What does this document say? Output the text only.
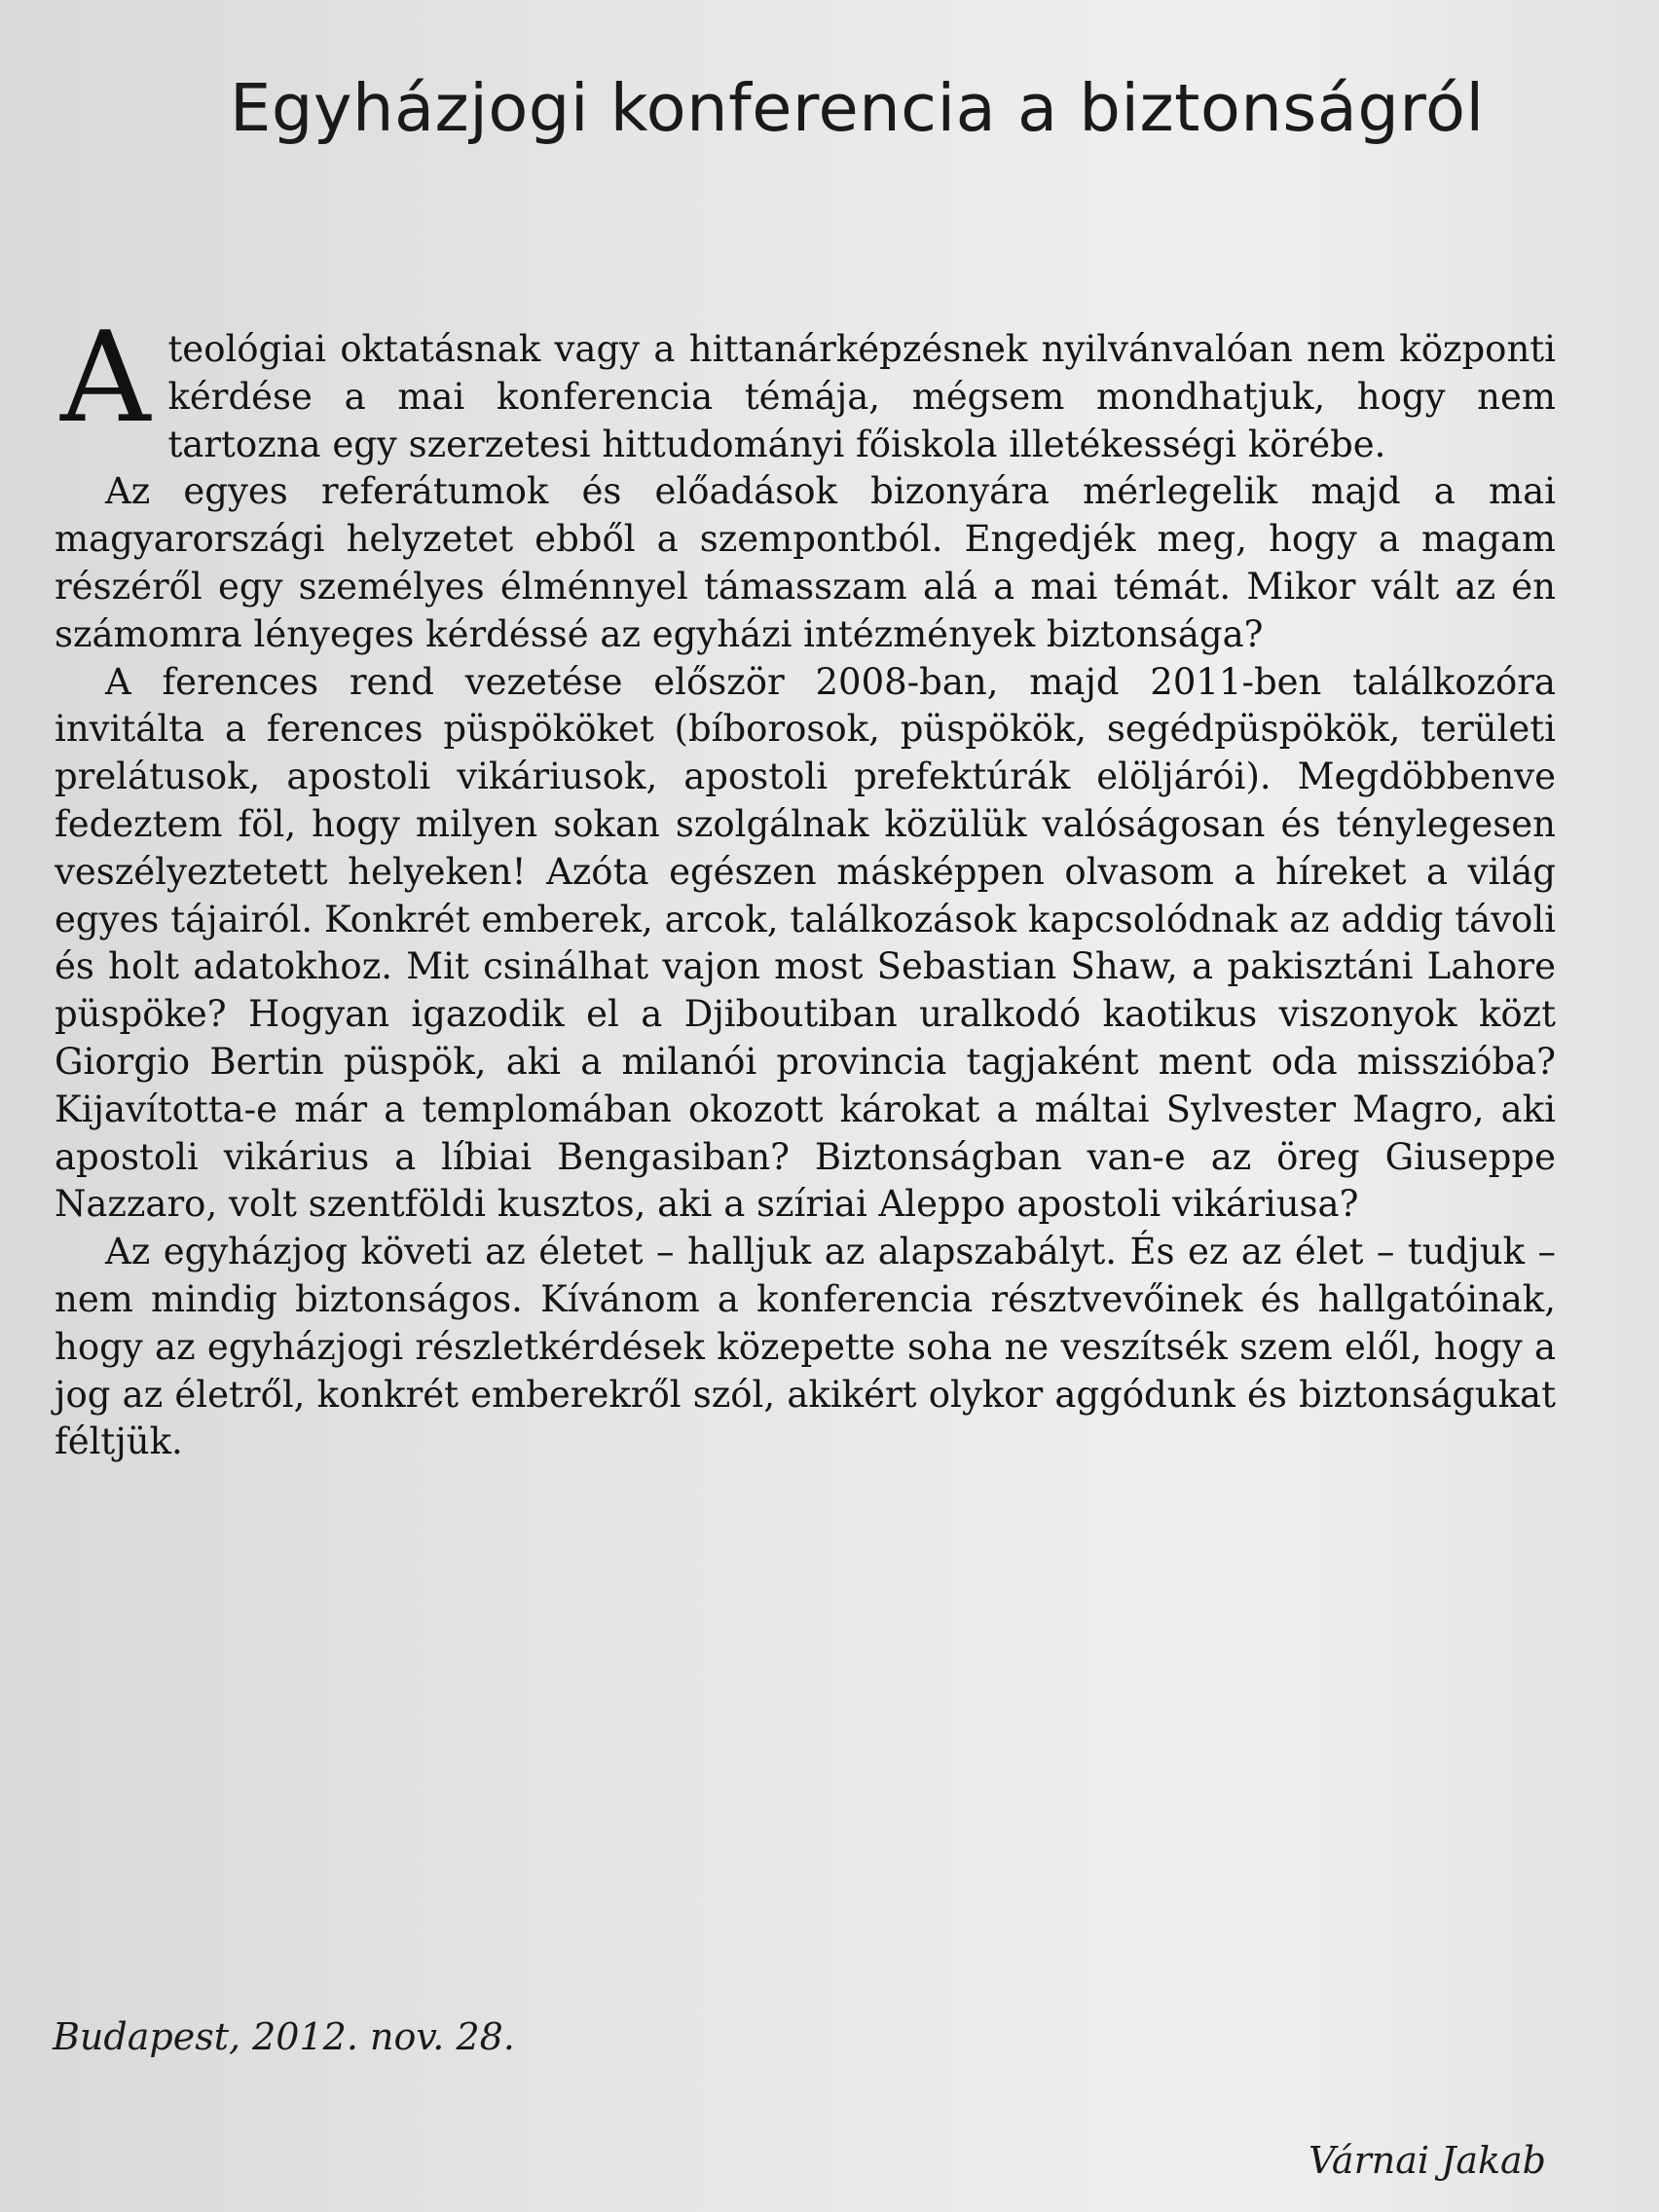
Egyházjogi konferencia a biztonságról

A teológiai oktatásnak vagy a hittanárképzésnek nyilvánvalóan nem központi kérdése a mai konferencia témája, mégsem mondhatjuk, hogy nem tartozna egy szerzetesi hittudományi főiskola illetékességi körébe.

Az egyes referátumok és előadások bizonyára mérlegelik majd a mai magyarországi helyzetet ebből a szempontból. Engedjék meg, hogy a magam részéről egy személyes élménnyel támasszam alá a mai témát. Mikor vált az én számomra lényeges kérdéssé az egyházi intézmények biztonsága?

A ferences rend vezetése először 2008-ban, majd 2011-ben találkozóra invitálta a ferences püspököket (bíborosok, püspökök, segédpüspökök, területi prelátusok, apostoli vikáriusok, apostoli prefektúrák elöljárói). Megdöbbenve fedeztem föl, hogy milyen sokan szolgálnak közülük valóságosan és ténylegesen veszélyeztetett helyeken! Azóta egészen másképpen olvasom a híreket a világ egyes tájairól. Konkrét emberek, arcok, találkozások kapcsolódnak az addig távoli és holt adatokhoz. Mit csinálhat vajon most Sebastian Shaw, a pakisztáni Lahore püspöke? Hogyan igazodik el a Djiboutiban uralkodó kaotikus viszonyok közt Giorgio Bertin püspök, aki a milanói provincia tagjaként ment oda misszióba? Kijavította-e már a templomában okozott károkat a máltai Sylvester Magro, aki apostoli vikárius a líbiai Bengasiban? Biztonságban van-e az öreg Giuseppe Nazzaro, volt szentföldi kusztos, aki a szíriai Aleppo apostoli vikáriusa?

Az egyházjog követi az életet – halljuk az alapszabályt. És ez az élet – tudjuk – nem mindig biztonságos. Kívánom a konferencia résztvevőinek és hallgatóinak, hogy az egyházjogi részletkérdések közepette soha ne veszítsék szem elől, hogy a jog az életről, konkrét emberekről szól, akikért olykor aggódunk és biztonságukat féltjük.

Budapest, 2012. nov. 28.
Várnai Jakab
